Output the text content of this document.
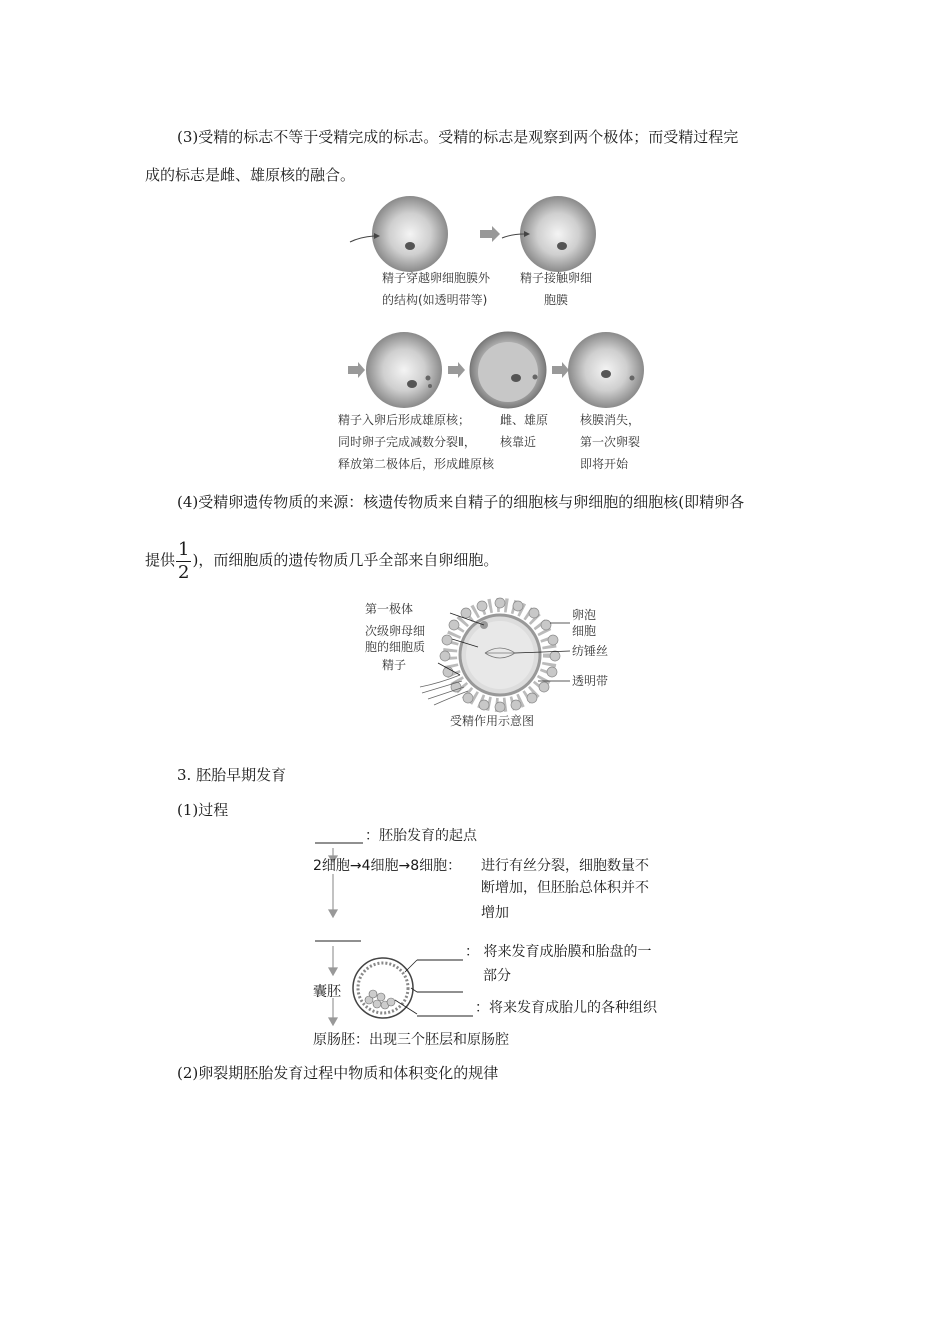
(3)受精的标志不等于受精完成的标志。受精的标志是观察到两个极体；而受精过程完

成的标志是雌、雄原核的融合。

精子穿越卵细胞膜外
的结构(如透明带等)
精子接触卵细
胞膜
精子入卵后形成雄原核；
同时卵子完成减数分裂Ⅱ，
释放第二极体后，形成雌原核
雌、雄原
核靠近
核膜消失，
第一次卵裂
即将开始

(4)受精卵遗传物质的来源：核遗传物质来自精子的细胞核与卵细胞的细胞核(即精卵各

提供 $\frac{1}{2}$ )，而细胞质的遗传物质几乎全部来自卵细胞。

第一极体
次级卵母细
胞的细胞质
精子
卵泡
细胞
纺锤丝
透明带
受精作用示意图

3. 胚胎早期发育

(1)过程

：胚胎发育的起点
2细胞→4细胞→8细胞： 进行有丝分裂，细胞数量不
断增加，但胚胎总体积并不
增加
囊胚
： 将来发育成胎膜和胎盘的一
部分
：将来发育成胎儿的各种组织
原肠胚：出现三个胚层和原肠腔

(2)卵裂期胚胎发育过程中物质和体积变化的规律
